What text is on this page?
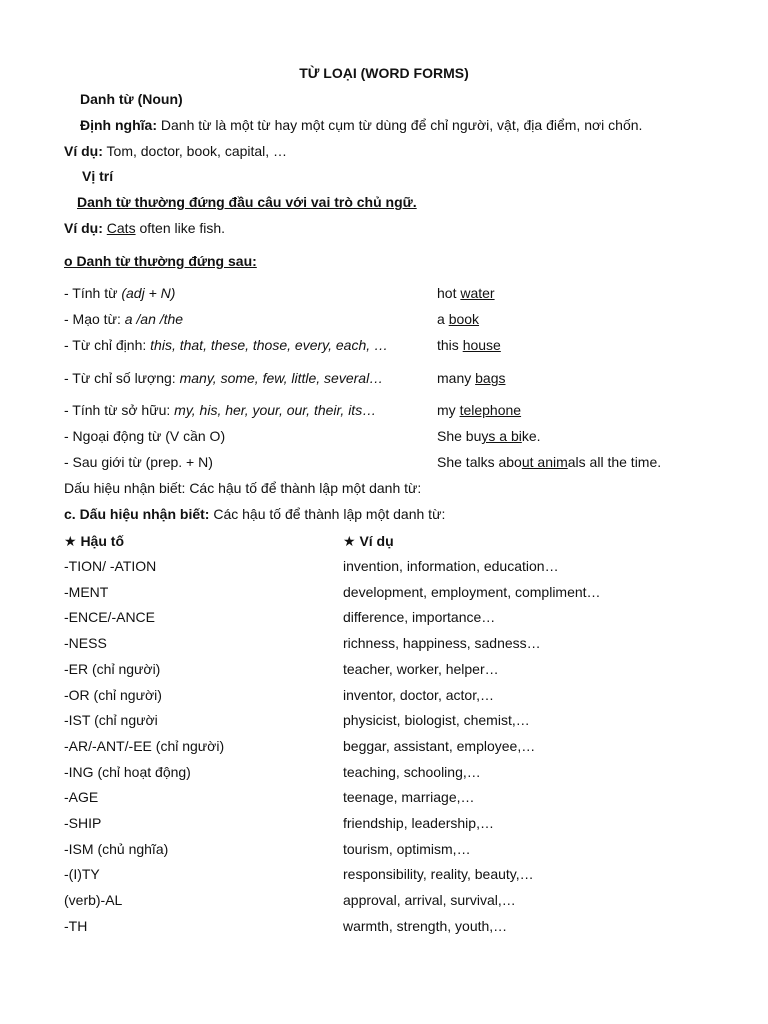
TỪ LOẠI (WORD FORMS)
Danh từ (Noun)
Định nghĩa: Danh từ là một từ hay một cụm từ dùng để chỉ người, vật, địa điểm, nơi chốn.
Ví dụ: Tom, doctor, book, capital, …
Vị trí
Danh từ thường đứng đầu câu với vai trò chủ ngữ.
Ví dụ: Cats often like fish.
o Danh từ thường đứng sau:
- Tính từ (adj + N)	hot water
- Mạo từ: a /an /the	a book
- Từ chỉ định: this, that, these, those, every, each, …	this house
- Từ chỉ số lượng: many, some, few, little, several…	many bags
- Tính từ sở hữu: my, his, her, your, our, their, its…	my telephone
- Ngoại động từ (V cần O)	She buys a bike.
- Sau giới từ (prep. + N)	She talks about animals all the time.
Dấu hiệu nhận biết: Các hậu tố để thành lập một danh từ:
c. Dấu hiệu nhận biết: Các hậu tố để thành lập một danh từ:
★ Hậu tố	★ Ví dụ
-TION/ -ATION	invention, information, education…
-MENT	development, employment, compliment…
-ENCE/-ANCE	difference, importance…
-NESS	richness, happiness, sadness…
-ER (chỉ người)	teacher, worker, helper…
-OR (chỉ người)	inventor, doctor, actor,…
-IST (chỉ người	physicist, biologist, chemist,…
-AR/-ANT/-EE (chỉ người)	beggar, assistant, employee,…
-ING (chỉ hoạt động)	teaching, schooling,…
-AGE	teenage, marriage,…
-SHIP	friendship, leadership,…
-ISM (chủ nghĩa)	tourism, optimism,…
-(I)TY	responsibility, reality, beauty,…
(verb)-AL	approval, arrival, survival,…
-TH	warmth, strength, youth,…
